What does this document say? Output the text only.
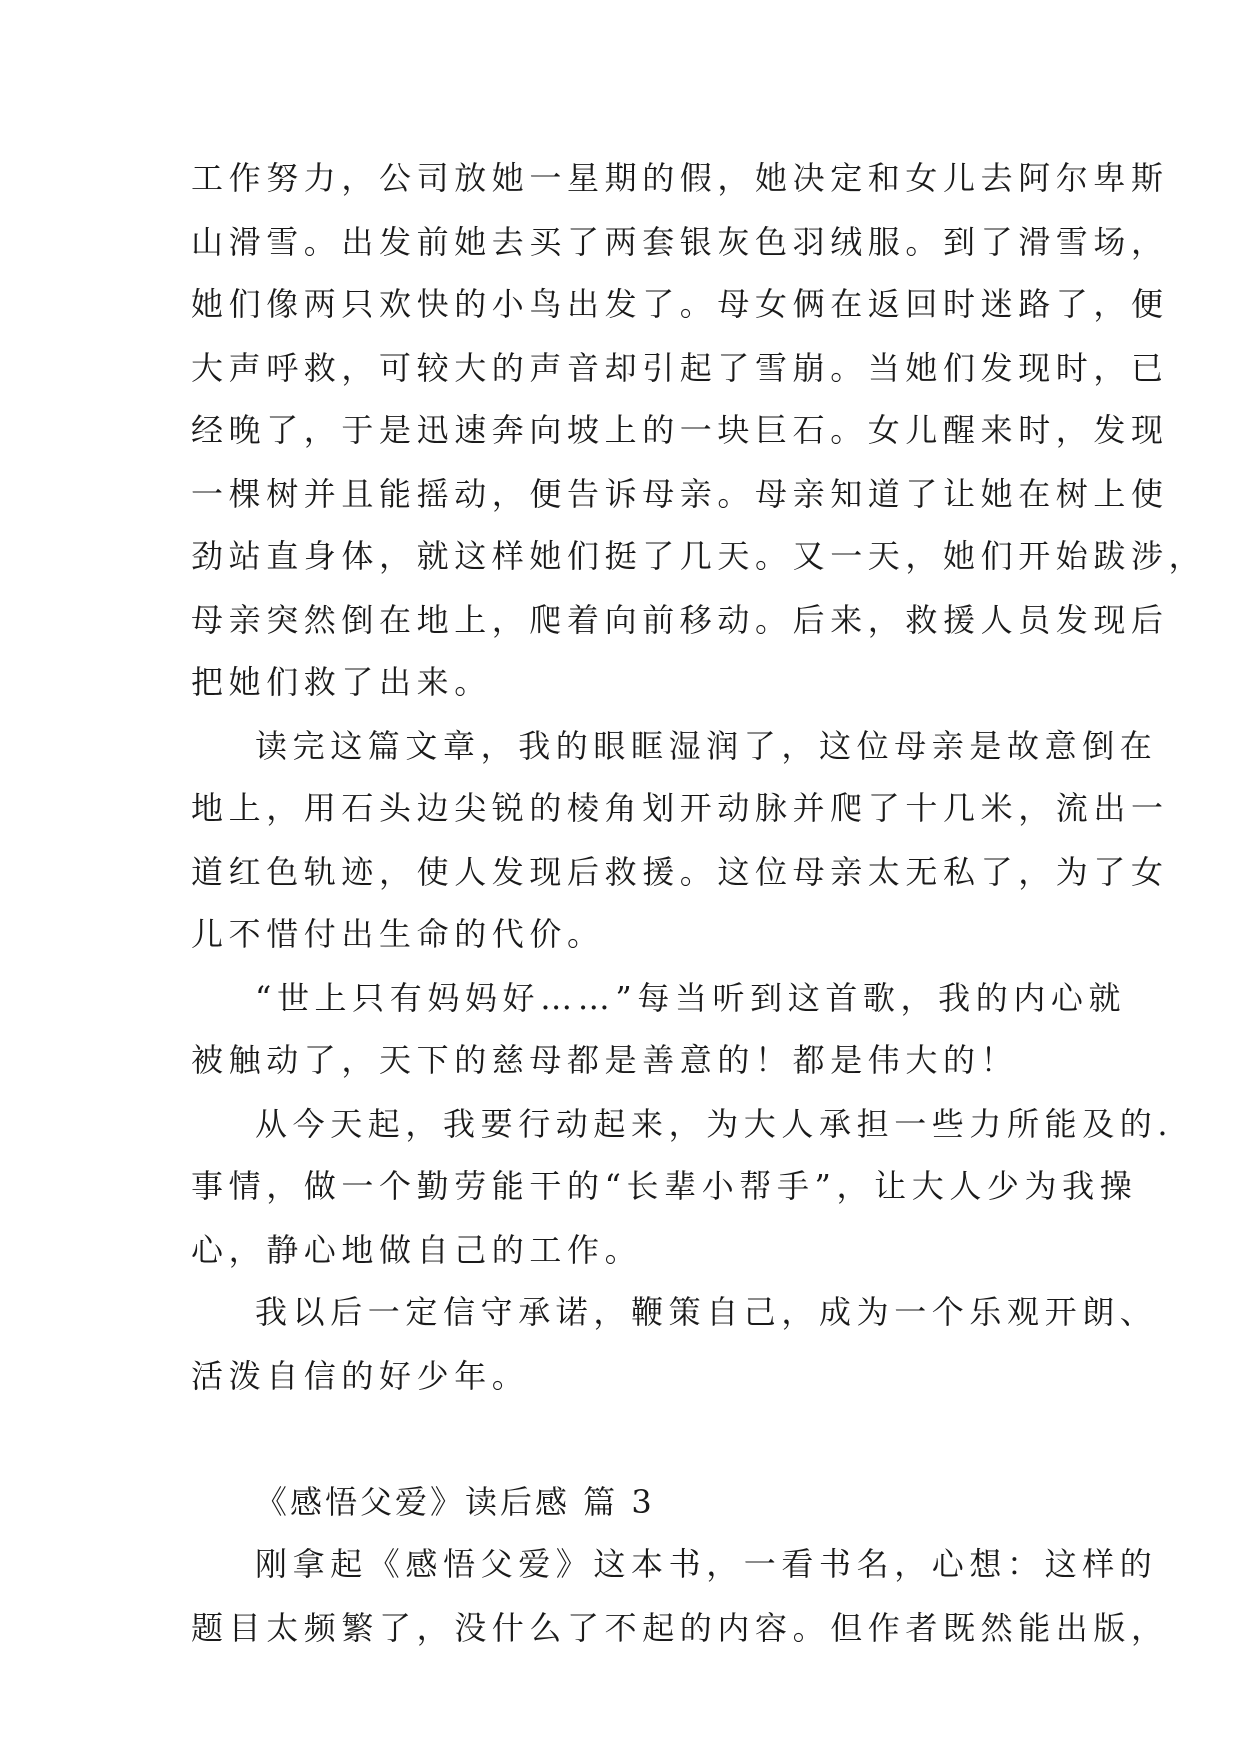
工作努力，公司放她一星期的假，她决定和女儿去阿尔卑斯
山滑雪。出发前她去买了两套银灰色羽绒服。到了滑雪场，
她们像两只欢快的小鸟出发了。母女俩在返回时迷路了，便
大声呼救，可较大的声音却引起了雪崩。当她们发现时，已
经晚了，于是迅速奔向坡上的一块巨石。女儿醒来时，发现
一棵树并且能摇动，便告诉母亲。母亲知道了让她在树上使
劲站直身体，就这样她们挺了几天。又一天，她们开始跋涉，
母亲突然倒在地上，爬着向前移动。后来，救援人员发现后
把她们救了出来。
读完这篇文章，我的眼眶湿润了，这位母亲是故意倒在
地上，用石头边尖锐的棱角划开动脉并爬了十几米，流出一
道红色轨迹，使人发现后救援。这位母亲太无私了，为了女
儿不惜付出生命的代价。
“世上只有妈妈好……”每当听到这首歌，我的内心就
被触动了，天下的慈母都是善意的！都是伟大的！
从今天起，我要行动起来，为大人承担一些力所能及的.
事情，做一个勤劳能干的“长辈小帮手”，让大人少为我操
心，静心地做自己的工作。
我以后一定信守承诺，鞭策自己，成为一个乐观开朗、
活泼自信的好少年。
《感悟父爱》读后感 篇 3
刚拿起《感悟父爱》这本书，一看书名，心想：这样的
题目太频繁了，没什么了不起的内容。但作者既然能出版，
